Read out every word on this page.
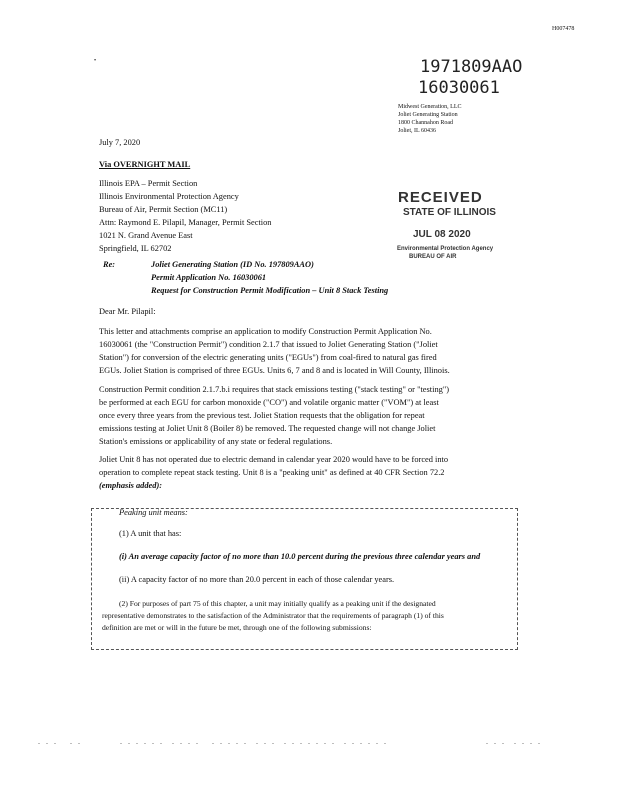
H007478
•	1971809AAO
16030061
Midwest Generation, LLC
Joliet Generating Station
1800 Channahon Road
Joliet, IL 60436
July 7, 2020
Via OVERNIGHT MAIL
Illinois EPA – Permit Section
Illinois Environmental Protection Agency
Bureau of Air, Permit Section (MC11)
Attn: Raymond E. Pilapil, Manager, Permit Section
1021 N. Grand Avenue East
Springfield, IL 62702
RECEIVED
STATE OF ILLINOIS
JUL 08 2020
Environmental Protection Agency
BUREAU OF AIR
Re:	Joliet Generating Station (ID No. 197809AAO)
Permit Application No. 16030061
Request for Construction Permit Modification – Unit 8 Stack Testing
Dear Mr. Pilapil:
This letter and attachments comprise an application to modify Construction Permit Application No.
16030061 (the "Construction Permit") condition 2.1.7 that issued to Joliet Generating Station ("Joliet
Station") for conversion of the electric generating units ("EGUs") from coal-fired to natural gas fired
EGUs. Joliet Station is comprised of three EGUs. Units 6, 7 and 8 and is located in Will County, Illinois.
Construction Permit condition 2.1.7.b.i requires that stack emissions testing ("stack testing" or "testing")
be performed at each EGU for carbon monoxide ("CO") and volatile organic matter ("VOM") at least
once every three years from the previous test. Joliet Station requests that the obligation for repeat
emissions testing at Joliet Unit 8 (Boiler 8) be removed. The requested change will not change Joliet
Station's emissions or applicability of any state or federal regulations.
Joliet Unit 8 has not operated due to electric demand in calendar year 2020 would have to be forced into
operation to complete repeat stack testing. Unit 8 is a "peaking unit" as defined at 40 CFR Section 72.2
(emphasis added):
Peaking unit means:
(1) A unit that has:
(i) An average capacity factor of no more than 10.0 percent during the previous three calendar years and
(ii) A capacity factor of no more than 20.0 percent in each of those calendar years.
(2) For purposes of part 75 of this chapter, a unit may initially qualify as a peaking unit if the designated
representative demonstrates to the satisfaction of the Administrator that the requirements of paragraph (1) of this
definition are met or will in the future be met, through one of the following submissions:
. . .   . .	. . . . . .  . . . .   . . . . .  . . .  . . . . . . .  . . . . . .	. . .  . . . .
